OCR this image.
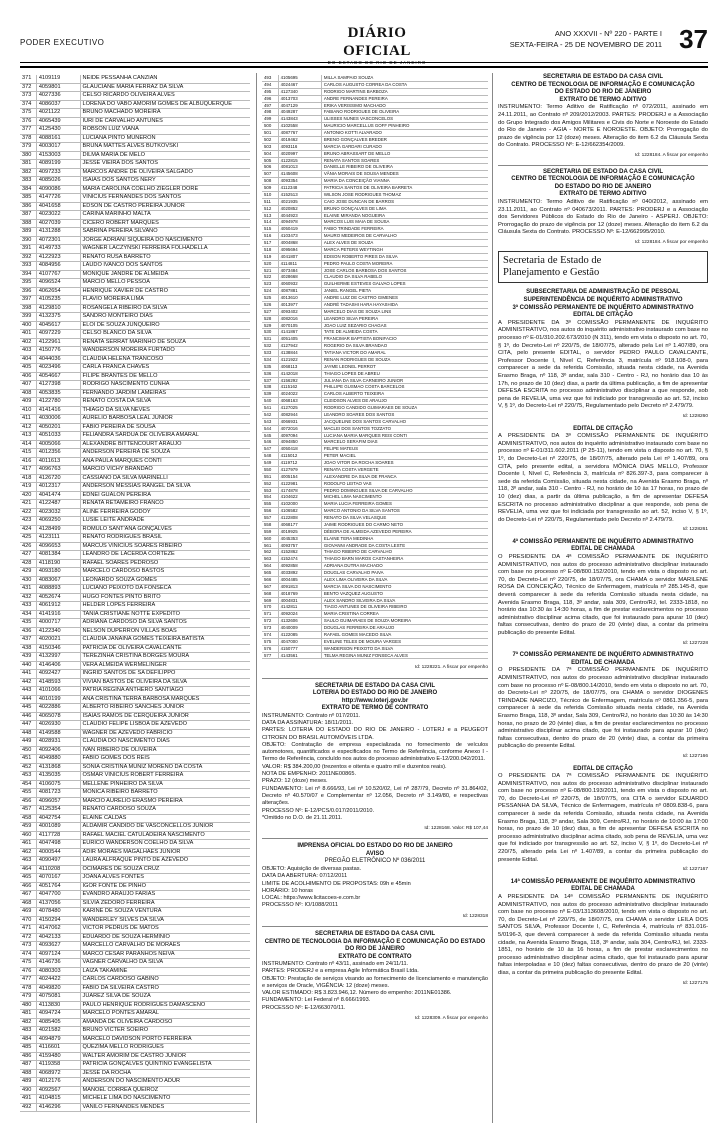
PODER EXECUTIVO
DIÁRIO OFICIAL
DO ESTADO DO RIO DE JANEIRO
ANO XXXVII - Nº 220 - PARTE I
SEXTA-FEIRA - 25 DE NOVEMBRO DE 2011 37
371	4109119	NEIDE PESSANHA CANZIAN
372	4059801	GLAUCIANE MARIA FERRAZ DA SILVA
373	4027336	CELSO RICARDO OLIVEIRA ALVES
374	4086037	LORENA DO VABO AMORIM GOMES DE ALBUQUERQUE
375	4021122	BRUNO MACHADO MOREIRA
376	4065439	IURI DE CARVALHO ANTUNES
377	4125430	ROBSON LUIZ VIANA
378	4088161	LUCIANA PINTO MUNERON
379	4003017	BRUNA MATTES ALVES BUTKOVSKI
380	4153003	DILMA MARIA DE MELO
381	4089199	JESSE VIEIRA DOS SANTOS
382	4097233	MARCOS ANDRE DE OLIVEIRA SALGADO
383	4085026	ISAIAS DOS SANTOS NERY
384	4090086	MARIA CAROLINA COELHO ZIEGLER DORE
385	4147726	VINICIUS FERNANDES DOS SANTOS
386	4041658	EDSON DE CASTRO PEREIRA JUNIOR
387	4023022	CARINA MARINHO MALTA
388	4027039	CICERO ROBERT MARQUES
389	4131288	SABRINA PEREIRA SILVANO
390	4072301	JORGE ADRIANI SIQUEIRA DO NASCIMENTO
391	4149733	WAGNER LACZYNSKI FERREIRA FOLHADELLA
392	4122923	RENATO RUSA BARRETO
393	4084956	LAUDO IVANCO DOS SANTOS
394	4107767	MONIQUE JANDRE DE ALMEIDA
395	4096524	MARCIO MELLO PESSOA
396	4062654	HENRIQUE XAVIER DE CASTRO
397	4105235	FLAVIO MOREIRA LIMA
398	4129810	ROSANGELA RIBEIRO DA SILVA
399	4132375	SANDRO MONTEIRO DIAS
400	4045617	ELOI DE SOUZA JUNQUEIRO
401	4097229	CELSO BLANCO DA SILVA
402	4122961	RENATA SERRAT MARINHO DE SOUZA
403	4150776	WANDERSON MOREIRA FURTADO
404	4044036	CLAUDIA HELENA TRANCOSO
405	4023496	CARLA FRANCA CHAVES
406	4054667	FILIPE BRANTES DE MELLO
407	4127398	RODRIGO NASCIMENTO CUNHA
408	4053835	FERNANDO JARDIM LAMEIRAS
409	4122780	RENATO COSTA DA SILVA
410	4141416	THIAGO DA SILVA NEVES
411	4030006	AURELIO BARBOSA LEAL JUNIOR
412	4050201	FÁBIO PEREIRA DE SOUSA
413	4051033	FELIANDRA SARDUA DE OLIVEIRA AMARAL
414	4005066	ALEXANDRE BITTENCOURT ARAUJO
415	4012356	ANDERSON PEREIRA DE SOUZA
416	4011613	ANA PAULA MARQUES CONTI
417	4096763	MARCIO VICHY BRANDAO
418	4126720	CASSIANO DA SILVA MARINELLI
419	4012317	ANDERSON MESSIAS RANGEL DA SILVA
420	4041474	EDNEI GUALON PEREIRA
421	4122487	RENATA RETAMEIRO FRANCO
422	4023032	ALINE FERREIRA GODOY
423	4069250	LUSIE LEITE ANDRADE
424	4128499	RÔMULO SANT'ANA GONÇALVES
425	4123111	RENATO RODRIGUES BRASIL
426	4096653	MARCUS VINICIUS SOARES RIBEIRO
427	4081384	LEANDRO DE LACERDA CORTEZE
428	4118190	RAFAEL SOARES PEDROSO
429	4093180	MARCELO CARDOSO BASTOS
430	4083067	LEONARDO SOUZA GOMES
431	4088893	LUCIANO PEIXOTO DA FONSECA
432	4052674	HUGO FONTES PINTO BRITO
433	4061912	HELDER LOPES FERREIRA
434	4141916	TANIA CRISTIANE NOTTE EXPEDITO
435	4000717	ADRIANA CARDOSO DA SILVA SANTOS
436	4122340	NELSON DUPERRON VILLAS BOAS
437	4020021	CLAUDIA JANAINA GOMES TEIXEIRA BATISTA
438	4150346	PATRICIA DE OLIVEIRA CAVALCANTE
439	4132997	TEREZINHA CRISTINA BORGES MOURA
440	4146406	VERA ALMEIDA WERMELINGER
441	4092427	INGRID SANTOS DE SA DEFILIPPO
442	4148593	VIVIAN BASTOS DE OLIVEIRA DA SILVA
443	4101066	PATRIA REGINA ANTHERO SANTIAGO
444	4010199	ANA CRISTINA TERRA BARBOSA MARQUES
445	4022886	ALBERTO RIBEIRO SANCHES JUNIOR
446	4065078	ISAIAS RAMOS DE CERQUEIRA JUNIOR
447	4026930	CLAUDIO FELIPE LISBOA DE AZEVEDO
448	4149588	WAGNER DE AZEVEDO FABRICIO
449	4028931	CLAUDIA DO NASCIMENTO DIAS
450	4092406	IVAN RIBEIRO DE OLIVEIRA
451	4049880	FABIO GOMES DOS REIS
452	4131868	SÔNIA CRISTINA MUNIZ MORENO DA COSTA
453	4135035	OSMAR VINICIUS ROBERT FERREIRA
454	4106075	MELLENE PINHEIRO DA SILVA
455	4081723	MÔNICA RIBEIRO BARRETO
456	4096057	MARCIO AURELIO ERASMO PEREIRA
457	4125354	RENATO CARDOSO SOUZA
458	4042754	ELAINE CALDAS
459	4001089	ALDAMIR CANDIDO DE VASCONCELLOS JUNIOR
460	4117728	RAFAEL MACIEL CATULADEIRA NASCIMENTO
461	4047498	EURICO WANDERSON COELHO DA SILVA
462	4000544	ADIR MORAES MAGALHÃES JUNIOR
463	4090497	LAURA ALFRAQUE PINTO DE AZEVEDO
464	4110208	OCIMARES DE SOUZA CRUZ
465	4070167	JOANA ALVES FONTES
466	4051764	IGOR FONTE DE PINHO
467	4047700	EVANDRO ARAUJO FARIAS
468	4137056	SILVIA ZEDORO FERREIRA
469	4078480	KARINE DE SOUZA VENTURA
470	4150294	WANDERLEY SILVES DA SILVA
471	4147062	VICTOR PEDRUS DE MATOS
472	4042133	EDUARDO DE SOUZA HERMINIO
473	4093627	MARCELLO CARVALHO DE MORAES
474	4097124	MARCO CESAR PARANHOS NEIVA
475	4146736	VAGNER CARVALHO DA SILVA
476	4080303	LAIZA TAKAMINE
477	4024422	CARLOS CARDOSO GABINO
478	4049820	FABIO DA SILVEIRA CASTRO
479	4075081	JUAREZ SILVA DE SOUZA
480	4113830	PAULO HENRIQUE RODRIGUES DAMASCENO
481	4094724	MARCELO PONTES AMARAL
482	4085405	AMANDA DE OLIVEIRA CARDOSO
483	4021582	BRUNO VICTER SOEIRO
484	4094879	MARCELO DAVIDSON PORTO FERREIRA
485	4116601	QUEZIMA MELLO RODRIGUES
486	4159480	WALTER AMORIM DE CASTRO JUNIOR
487	4119358	PATRICIA GONÇALVES QUINTINO EVANGELISTA
488	4068972	JESSE DA ROCHA
489	4012176	ANDERSON DO NASCIMENTO ADUR
490	4092567	MANOEL CORREA QUEIROZ
491	4104815	MICHELE LIMA DO NASCIMENTO
492	4146296	VANILO FERNANDES MENDES
493	4105695	MILLA SAMPAIO SOUZA
494	4024467	CARLOS AUGUSTO CORREA DA COSTA
495	4127340	RODRIGO MARTINS BARBOZA
496	4013703	ANDRE FERNANDES PEREIRA
497	4047129	ERIKA VERISSIMO MACHADO
498	4049287	FABIANO RODRIGUES DE OLIVEIRA
499	4143843	ULISSES NUNES VASCONCELOS
500	4102558	MAURICIO MARCELLUS GOFF PINHEIRO
501	4087767	ANTONIO KOTTI ALVARADO
502	4019462	BRENO GONÇALVES BREDER
503	4093116	MARCIA GARDARI CURADO
504	4020997	BRUNO ABRASSART DE MELLO
505	4122815	RENATA SANTOS SOARES
506	4081013	DANIELLE RIBEIRO DE OLIVEIRA
507	4145608	VÂNIA MORAIS DE SOUSA MENDES
508	4093354	MARIA DA CONCEIÇÃO VIANNA
509	4112348	PATRICIA SANTOS DE OLIVEIRA BARRETA
510	4152513	WILSON JOSE RODRIGUES THOMAZ
511	4021935	CAIO JOSE DUNCAN DE BARROS
512	4020852	BRUNO GONÇALVES DE LIMA
513	4044923	ELAINE MIRANDA NOGUEIRA
514	4094978	MARCOS LUIS MAIA DE SOUSA
515	4050419	FABIO TRINDADE FERREIRA
516	4103473	MAURO MEDEIROS DE CARVALHO
517	4004868	ALEX ALVES DE SOUZA
518	4095694	MARCA PETERS WEYTINGH
519	4041807	EDISON ROBERTO PIRES DA SILVA
520	4114811	PEDRO PAULO COSTA MOREIRA
521	4073484	JOSE CARLOS BARBOSA DOS SANTOS
522	4028668	CLAUDIO DA SILVA RABELO
523	4060932	GUILHERME ESTEVES GALVAO LOPES
524	4087881	JANIEL RANGEL PIETA
525	4013610	ANDRE LUIZ DE CASTRO GIMENES
526	4013977	ANDRÉ TADASHI HARA HAYASHIDA
527	4093402	MARCELO DIAS DE SOUZA LINS
528	4082016	LEANDRO SILVA PEREIRA
529	4070105	JOAO LUIZ SEZARIO CHAGAS
530	4141867	TATE DE ALMEIDA COSTA
531	4051405	FRANCIMAR BAPTISTA BONIFACIO
532	4127942	ROGERIO DA SILVA BRANDAO
533	4138844	TATIANA VICTOR DO AMARAL
534	4121922	RENAN RODRIGUES DE SOUZA
535	4068113	JAYME LEONEL PERROT
536	4142018	THIAGO LOPES DE ABREU
537	4156292	JULIANA DA SILVA CARNEIRO JUNIOR
538	4115162	PHILLIPE GUSMAO COSTA BARCELOS
539	4024022	CARLOS ALBERTO TEIXEIRA
540	4068163	CLEIDSON ALVES DE ARAUJO
541	4127025	RODRIGO CANDIDO GUIMARAES DE SOUZA
542	4082944	LEANDRO SOARES DOS SANTOS
543	4066931	JACQUELINE DOS SANTOS CARVALHO
544	4072016	MACLEI DOS SANTOS TOZZATO
545	4097094	LUCIANA MARIA MARQUES REIS CONTI
546	4094850	MARCELO SERAFIM DIAS
547	4050418	FELIPE MATEUS
548	4115012	PETER MACIEL
549	4119712	JOAO VITOR DA ROCHA SOARES
550	4127979	RENATA COSTA VERGETE
551	4005154	ALEXANDRE DA SILVA DE FRANCA
552	4122981	RODOLFO LEITAO VAS
553	4174878	PEDRO DOMINGUES SILVA DE CARVALHO
554	4104622	MICHEL LIMA NASCIMENTO
555	4102000	MARIA LUCIA FERREIRA GOMES
556	4106582	MARCO ANTONIO DA SILVA SANTOS
557	4122808	RENATO DA SILVA VELASQUE
558	4068177	JAIME RODRIGUES DO CARMO NETO
559	4019925	DÉBORA DE ALMEIDA AZEVEDO PEREIRA
560	4045353	ELAINE TERA MEDINHA
561	4093757	GIOVANNI ANDRADE DA COSTA LESTE
562	4152862	THIAGO RIBEIRO DE CARVALHO
563	4152474	THIAGO BARN MAROS CASTANHEIRA
564	4092858	ADRIANA DUTRA MACHADO
565	4033892	DOUGLAS CARVALHO PAIVA
566	4004485	ALEX LIMA OLIVEIRA DA SILVA
567	4091813	MARCIA SILVA DO NASCIMENTO
568	4018769	BENTO VAZQUEZ AUGUSTO
569	4004831	ALEX SANDRO SILVEIRA DA SILVA
570	4142811	TIAGO ANTUNES DE OLIVEIRA RIBEIRO
571	4092024	MARIA CRISTINA CORREA
572	4132606	SAULO GUIMARAES DE SOUZA MOREIRA
573	4040009	DOUGLAS FERREIRA DE ARAUJO
574	4122085	RAFAEL GOMES MACEDO SILVA
575	4047000	EVELINE TELES DE MOURA VARGES
576	4150777	WANDERSON PEIXOTO DA SILVA
577	4143561	TELMA REGINA MUNIZ FONSECA ALVES
Id: 1228221. A fiscar por empenho
SECRETARIA DE ESTADO DA CASA CIVIL
LOTERIA DO ESTADO DO RIO DE JANEIRO
http://www.loterj.gov.br
EXTRATO DE TERMO DE CONTRATO

INSTRUMENTO: Contrato nº 017/2011.
DATA DA ASSINATURA: 18/11/2011.
PARTES: LOTERIA DO ESTADO DO RIO DE JANEIRO - LOTERJ e a PEUGEOT CITROEN DO BRASIL AUTOMÓVEIS LTDA.
OBJETO: Contratação de empresa especializada no fornecimento de veículos automotores, quantificados e especificados no Termo de Referência, conforme Anexo I - Termo de Referência, concluído nos autos do processo administrativo E-12/200.042/2011.
VALOR: R$ 384.200,00 (trezentos e oitenta e quatro mil e duzentos reais).
NOTA DE EMPENHO: 2011NE00865.
PRAZO: 12 (doze) meses.
FUNDAMENTO: Lei nº 8.666/93, Lei nº 10.520/02, Lei nº 287/79, Decreto nº 31.864/02, Decreto nº 40.570/07 e Complementar nº 12.056, Decreto nº 3.149/80, e respectivas alterações.
PROCESSO Nº: E-12/PCS/0.017/2011/2010.
*Omitido no D.O. de 21.11.2011.

Id: 1228168. Valor: R$ 107,44
IMPRENSA OFICIAL DO ESTADO DO RIO DE JANEIRO
AVISO
PREGÃO ELETRÔNICO Nº 036/2011

OBJETO: Aquisição de diversas pastas.
DATA DA ABERTURA: 07/12/2011
LIMITE DE ACOLHIMENTO DE PROPOSTAS: 09h e 45min
HORÁRIO: 10 horas
LOCAL: https://www.licitacoes-e.com.br
PROCESSO Nº: IO/1088/2011

Id: 1228318
SECRETARIA DE ESTADO DA CASA CIVIL
CENTRO DE TECNOLOGIA DA INFORMAÇÃO E COMUNICAÇÃO DO ESTADO DO RIO DE JANEIRO
EXTRATO DE CONTRATO

INSTRUMENTO: Contrato nº 43/11, assinado em 24/11/11.
PARTES: PRODERJ e a empresa Agile Informática Brasil Ltda.
OBJETO: Prestação de serviços visando ao fornecimento de licenciamento e manutenção e serviços de Oracle, VIGÊNCIA: 12 (doze) meses.
VALOR ESTIMADO: R$ 3.823.946,12. Número do empenho: 2011NE01386.
FUNDAMENTO: Lei Federal nº 8.666/1993.
PROCESSO Nº: E-12/663070/11.

Id: 1228309. A fiscar por empenho
SECRETARIA DE ESTADO DA CASA CIVIL
CENTRO DE TECNOLOGIA DE INFORMAÇÃO E COMUNICAÇÃO
DO ESTADO DO RIO DE JANEIRO
EXTRATO DE TERMO ADITIVO

INSTRUMENTO: Termo Aditivo de Ratificação nº 072/2011, assinado em 24.11.2011, ao Contrato nº 209/2012/2003. PARTES: PRODERJ e a Associação do Grupo Integrado dos Amigos Militares e Civis do Norte e Noroeste do Estado do Rio de Janeiro - AGIA - NORTE E NOROESTE. OBJETO: Prorrogação do prazo de vigência por 12 (doze) meses. Alteração do item 6.2 da Cláusula Sexta do Contrato. PROCESSO Nº: E-12/662354/2009.

Id: 1228184. A fiscar por empenho
SECRETARIA DE ESTADO DA CASA CIVIL
CENTRO DE TECNOLOGIA DE INFORMAÇÃO E COMUNICAÇÃO
DO ESTADO DO RIO DE JANEIRO
EXTRATO DE TERMO ADITIVO

INSTRUMENTO: Termo Aditivo de Ratificação nº 040/2012, assinado em 23.11.2011, ao Contrato nº 040673/2011. PARTES: PRODERJ e a Associação dos Servidores Públicos do Estado do Rio de Janeiro - ASPERJ. OBJETO: Prorrogação do prazo de vigência por 12 (doze) meses. Alteração do item 6.2 da Cláusula Sexta do Contrato. PROCESSO Nº: E-12/662995/2010.

Id: 1228184. A fiscar por empenho
Secretaria de Estado de
Planejamento e Gestão
SUBSECRETARIA DE ADMINISTRAÇÃO DE PESSOAL
SUPERINTENDÊNCIA DE INQUÉRITO ADMINISTRATIVO
3ª COMISSÃO PERMANENTE DE INQUÉRITO ADMINISTRATIVO
EDITAL DE CITAÇÃO

A PRESIDENTE DA 3ª COMISSÃO PERMANENTE DE INQUÉRITO ADMINISTRATIVO, nos autos do inquérito administrativo instaurado com base no processo nº E-01/310.202.673/2010 (N 311), tendo em vista o disposto no art. 70, § 1º, do Decreto-Lei nº 220/75, de 18/07/75, alterado pela Lei nº 1.407/89, ora CITA, pelo presente EDITAL, o servidor PEDRO PAULO CAVALCANTE, Professor Docente I, Nível C, Referência 3, matrícula nº 918.108-0, para comparecer a sede da referida Comissão, situada nesta cidade, na Avenida Erasmo Braga, nº 118, 3º andar, sala 310 - Centro - RJ, no horário das 10 às 17h, no prazo de 10 (dez) dias, a partir da última publicação, a fim de apresentar DEFESA ESCRITA no processo administrativo disciplinar a que responde, sob pena de REVELIA, uma vez que foi indiciado por transgressão ao art. 52, inciso V, § 1º, do Decreto-Lei nº 220/75, Regulamentado pelo Decreto nº 2.479/79.

Id: 1228260
EDITAL DE CITAÇÃO

A PRESIDENTE DA 3ª COMISSÃO PERMANENTE DE INQUÉRITO ADMINISTRATIVO, nos autos do inquérito administrativo instaurado com base no processo nº E-01/311.602.2011 (P 25-11), tendo em vista o disposto no art. 70, § 1º, do Decreto-Lei nº 220/75, de 18/07/75, alterado pela Lei nº 1.407/89, ora CITA, pelo presente edital, a servidora MÔNICA DIAS MELLO, Professor Docente I, Nível C, Referência 3, matrícula nº 826.397-3, para comparecer à sede da referida Comissão, situada nesta cidade, na Avenida Erasmo Braga, nº 118, 3º andar, sala 310 - Centro - RJ, no horário de 10 às 17 horas, no prazo de 10 (dez) dias, a partir da última publicação, a fim de apresentar DEFESA ESCRITA no processo administrativo disciplinar a que responde, sob pena de REVELIA, uma vez que foi indiciada por transgressão ao art. 52, inciso V, § 1º, do Decreto-Lei nº 220/75, Regulamentado pelo Decreto nº 2.479/79.

Id: 1228261
4ª COMISSÃO PERMANENTE DE INQUÉRITO ADMINISTRATIVO
EDITAL DE CHAMADA

O PRESIDENTE DA 4ª COMISSÃO PERMANENTE DE INQUÉRITO ADMINISTRATIVO, nos autos do processo administrativo disciplinar instaurado com base no processo nº E-08/800.152/2010, tendo em vista o disposto no art. 70, do Decreto-Lei nº 220/75, de 18/07/75, ora CHAMA o servidor MARILENE ROSA DA CONCEIÇÃO, Técnico de Enfermagem, matrícula nº 285.145-8, que deverá comparecer à sede da referida Comissão situada nesta cidade, na Avenida Erasmo Braga, 118, 3º andar, sala 309, Centro/RJ, tel. 2333-1818, no horário das 10:30 às 14:30 horas, a fim de prestar esclarecimentos no processo administrativo disciplinar acima citado, que foi instaurado para apurar 10 (dez) faltas consecutivas, dentro do prazo de 20 (vinte) dias, a contar da primeira publicação do presente Edital.

Id: 1227228
7ª COMISSÃO PERMANENTE DE INQUÉRITO ADMINISTRATIVO
EDITAL DE CHAMADA

O PRESIDENTE DA 7ª COMISSÃO PERMANENTE DE INQUÉRITO ADMINISTRATIVO, nos autos do processo administrativo disciplinar instaurado com base no processo nº E-08/800.14/2010, tendo em vista o disposto no art. 70, do Decreto-Lei nº 220/75, de 18/07/75, ora CHAMA o servidor DIOGENES TRINDADE NARCIZO, Técnico de Enfermagem, matrícula nº 0861.356-5, para comparecer à sede da referida Comissão situada nesta cidade, na Avenida Erasmo Braga, 118, 3º andar, Sala 309, Centro/RJ, no horário das 10:30 às 14:30 horas, no prazo de 20 (vinte) dias, a fim de prestar esclarecimentos no processo administrativo disciplinar acima citado, que foi instaurado para apurar 10 (dez) faltas consecutivas, dentro do prazo de 20 (vinte) dias, a contar da primeira publicação do presente Edital.

Id: 1227166
EDITAL DE CITAÇÃO

O PRESIDENTE DA 7ª COMISSÃO PERMANENTE DE INQUÉRITO ADMINISTRATIVO, nos autos do processo administrativo disciplinar instaurado com base no processo nº E-08/800.193/2011, tendo em vista o disposto no art. 70, do Decreto-Lei nº 220/75, de 18/07/75, ora CITA o servidor EDUARDO PESSANHA DA SILVA, Técnico de Enfermagem, matrícula nº 0809.838-6, para comparecer à sede da referida Comissão, situada nesta cidade, na Avenida Erasmo Braga, 118, 3º andar, Sala 309, Centro/RJ, no horário de 10:00 às 17:00 horas, no prazo de 10 (dez) dias, a fim de apresentar DEFESA ESCRITA no processo administrativo disciplinar acima citado, sob pena de REVELIA, uma vez que foi indiciado por transgressão ao art. 52, inciso V, § 1º, do Decreto-Lei nº 220/75, alterado pela Lei nº 1.407/89, a contar da primeira publicação do presente Edital.

Id: 1227167
14ª COMISSÃO PERMANENTE DE INQUÉRITO ADMINISTRATIVO
EDITAL DE CHAMADA

A PRESIDENTE DA 14ª COMISSÃO PERMANENTE DE INQUÉRITO ADMINISTRATIVO, nos autos do processo administrativo disciplinar instaurado com base no processo nº E-03/1313608/2010, tendo em vista o disposto no art. 70, do Decreto-Lei nº 220/75, de 18/07/75, ora CHAMA o servidor LEILA DOS SANTOS SILVA, Professor Docente I, C, Referência 4, matrícula nº 831.016-5/0196-3, que deverá comparecer à sede da referida Comissão situada nesta cidade, na Avenida Erasmo Braga, 118, 3º andar, sala 304, Centro/RJ, tel. 2333-1851, no horário de 10 às 16 horas, a fim de prestar esclarecimentos no processo administrativo disciplinar acima citado, que foi instaurado para apurar faltas interpoladas e 10 (dez) faltas consecutivas, dentro do prazo de 20 (vinte) dias, a contar da primeira publicação do presente Edital.

Id: 1227175
